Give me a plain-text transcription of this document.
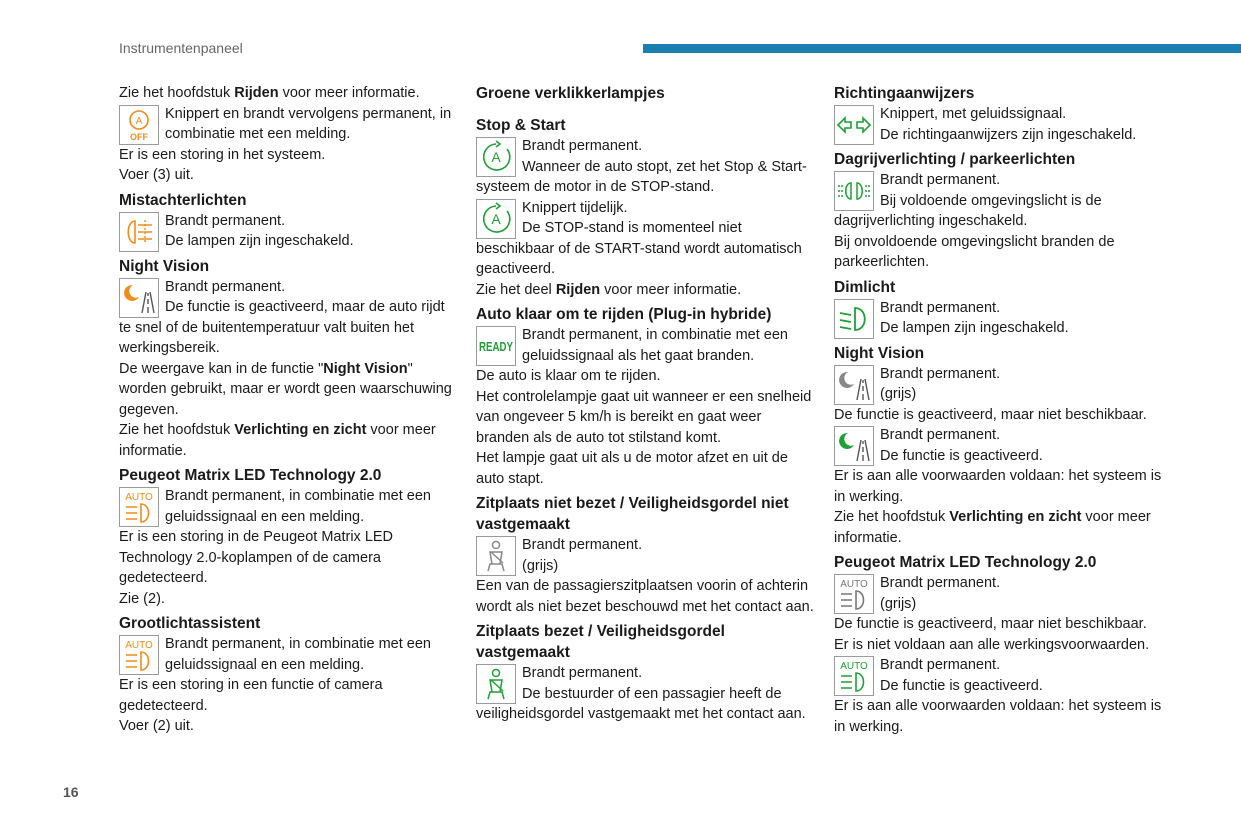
Instrumentenpaneel
Zie het hoofdstuk Rijden voor meer informatie.
A
OFF
Knippert en brandt vervolgens permanent, in combinatie met een melding.
Er is een storing in het systeem.
Voer (3) uit.
Mistachterlichten
Brandt permanent.
De lampen zijn ingeschakeld.
Night Vision
Brandt permanent.
De functie is geactiveerd, maar de auto rijdt te snel of de buitentemperatuur valt buiten het werkingsbereik.
De weergave kan in de functie "Night Vision" worden gebruikt, maar er wordt geen waarschuwing gegeven.
Zie het hoofdstuk Verlichting en zicht voor meer informatie.
Peugeot Matrix LED Technology 2.0
AUTO Brandt permanent, in combinatie met een geluidssignaal en een melding.
Er is een storing in de Peugeot Matrix LED Technology 2.0-koplampen of de camera gedetecteerd.
Zie (2).
Grootlichtassistent
AUTO Brandt permanent, in combinatie met een geluidssignaal en een melding.
Er is een storing in een functie of camera gedetecteerd.
Voer (2) uit.
Groene verklikkerlampjes
Stop & Start
A
Brandt permanent.
Wanneer de auto stopt, zet het Stop & Start-systeem de motor in de STOP-stand.
A
Knippert tijdelijk.
De STOP-stand is momenteel niet beschikbaar of de START-stand wordt automatisch geactiveerd.
Zie het deel Rijden voor meer informatie.
Auto klaar om te rijden (Plug-in hybride)
READY
Brandt permanent, in combinatie met een geluidssignaal als het gaat branden.
De auto is klaar om te rijden.
Het controlelampje gaat uit wanneer er een snelheid van ongeveer 5 km/h is bereikt en gaat weer branden als de auto tot stilstand komt.
Het lampje gaat uit als u de motor afzet en uit de auto stapt.
Zitplaats niet bezet / Veiligheidsgordel niet vastgemaakt
Brandt permanent.
(grijs)
Een van de passagierszitplaatsen voorin of achterin wordt als niet bezet beschouwd met het contact aan.
Zitplaats bezet / Veiligheidsgordel vastgemaakt
Brandt permanent.
De bestuurder of een passagier heeft de veiligheidsgordel vastgemaakt met het contact aan.
Richtingaanwijzers
Knippert, met geluidssignaal.
De richtingaanwijzers zijn ingeschakeld.
Dagrijverlichting / parkeerlichten
Brandt permanent.
Bij voldoende omgevingslicht is de dagrijverlichting ingeschakeld.
Bij onvoldoende omgevingslicht branden de parkeerlichten.
Dimlicht
Brandt permanent.
De lampen zijn ingeschakeld.
Night Vision
Brandt permanent.
(grijs)
De functie is geactiveerd, maar niet beschikbaar.
Brandt permanent.
De functie is geactiveerd.
Er is aan alle voorwaarden voldaan: het systeem is in werking.
Zie het hoofdstuk Verlichting en zicht voor meer informatie.
Peugeot Matrix LED Technology 2.0
AUTO Brandt permanent.
(grijs)
De functie is geactiveerd, maar niet beschikbaar.
Er is niet voldaan aan alle werkingsvoorwaarden.
AUTO Brandt permanent.
De functie is geactiveerd.
Er is aan alle voorwaarden voldaan: het systeem is in werking.
16
